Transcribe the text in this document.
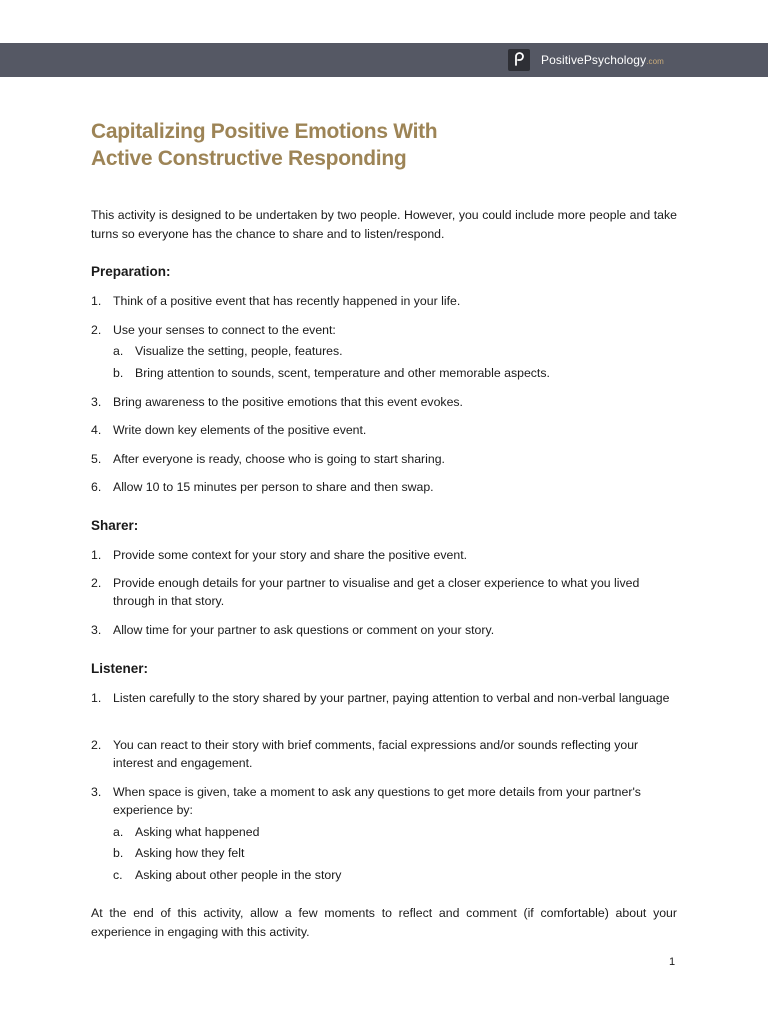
PositivePsychology.com
Capitalizing Positive Emotions With
Active Constructive Responding

This activity is designed to be undertaken by two people. However, you could include more people and take turns so everyone has the chance to share and to listen/respond.

Preparation:
1. Think of a positive event that has recently happened in your life.
2. Use your senses to connect to the event:
a. Visualize the setting, people, features.
b. Bring attention to sounds, scent, temperature and other memorable aspects.
3. Bring awareness to the positive emotions that this event evokes.
4. Write down key elements of the positive event.
5. After everyone is ready, choose who is going to start sharing.
6. Allow 10 to 15 minutes per person to share and then swap.
Sharer:
1. Provide some context for your story and share the positive event.
2. Provide enough details for your partner to visualise and get a closer experience to what you lived through in that story.
3. Allow time for your partner to ask questions or comment on your story.
Listener:
1. Listen carefully to the story shared by your partner, paying attention to verbal and non-verbal language
2. You can react to their story with brief comments, facial expressions and/or sounds reflecting your interest and engagement.
3. When space is given, take a moment to ask any questions to get more details from your partner's experience by:
a. Asking what happened
b. Asking how they felt
c. Asking about other people in the story

At the end of this activity, allow a few moments to reflect and comment (if comfortable) about your experience in engaging with this activity.

1
